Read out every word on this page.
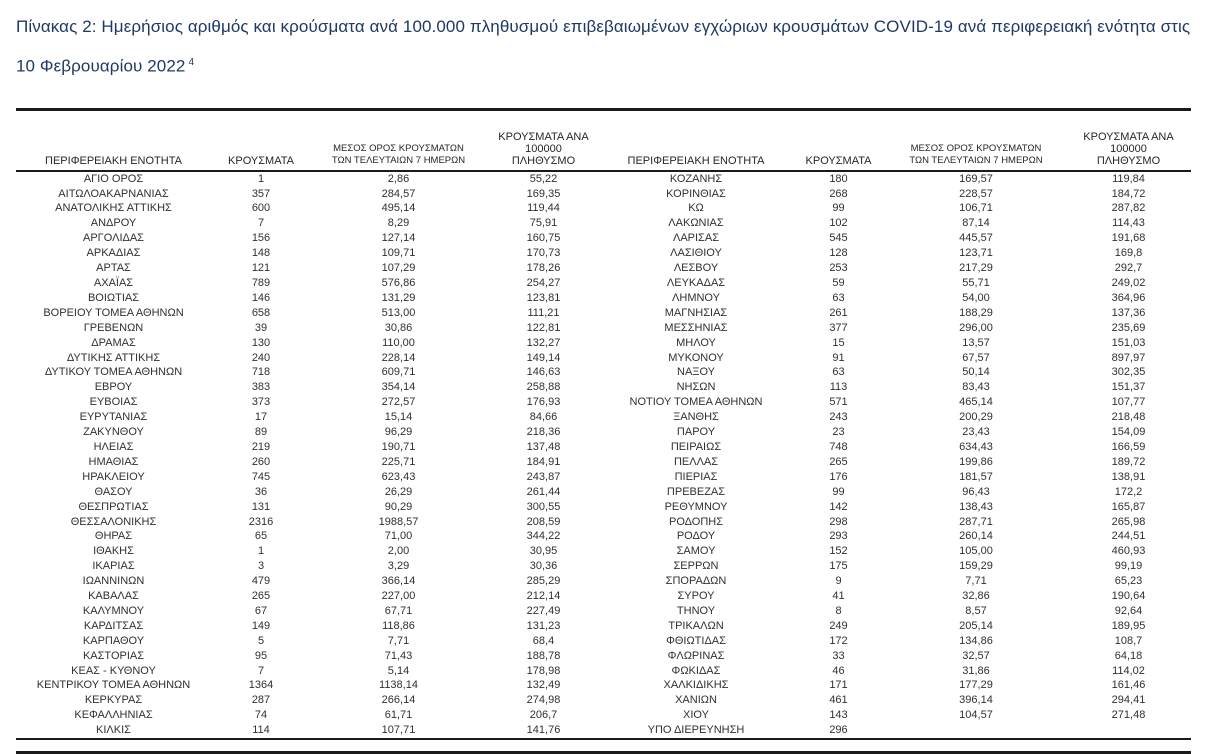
Πίνακας 2: Ημερήσιος αριθμός και κρούσματα ανά 100.000 πληθυσμού επιβεβαιωμένων εγχώριων κρουσμάτων COVID-19 ανά περιφερειακή ενότητα στις 10 Φεβρουαρίου 2022 $^4$
ΠΕΡΙΦΕΡΕΙΑΚΗ ΕΝΟΤΗΤΑ	ΚΡΟΥΣΜΑΤΑ	ΜΕΣΟΣ ΟΡΟΣ ΚΡΟΥΣΜΑΤΩΝ
ΤΩΝ ΤΕΛΕΥΤΑΙΩΝ 7 ΗΜΕΡΩΝ	ΚΡΟΥΣΜΑΤΑ ΑΝΑ 100000
ΠΛΗΘΥΣΜΟ	ΠΕΡΙΦΕΡΕΙΑΚΗ ΕΝΟΤΗΤΑ	ΚΡΟΥΣΜΑΤΑ	ΜΕΣΟΣ ΟΡΟΣ ΚΡΟΥΣΜΑΤΩΝ
ΤΩΝ ΤΕΛΕΥΤΑΙΩΝ 7 ΗΜΕΡΩΝ	ΚΡΟΥΣΜΑΤΑ ΑΝΑ 100000
ΠΛΗΘΥΣΜΟ

ΑΓΙΟ ΟΡΟΣ	1	2,86	55,22	ΚΟΖΑΝΗΣ	180	169,57	119,84
ΑΙΤΩΛΟΑΚΑΡΝΑΝΙΑΣ	357	284,57	169,35	ΚΟΡΙΝΘΙΑΣ	268	228,57	184,72
ΑΝΑΤΟΛΙΚΗΣ ΑΤΤΙΚΗΣ	600	495,14	119,44	ΚΩ	99	106,71	287,82
ΑΝΔΡΟΥ	7	8,29	75,91	ΛΑΚΩΝΙΑΣ	102	87,14	114,43
ΑΡΓΟΛΙΔΑΣ	156	127,14	160,75	ΛΑΡΙΣΑΣ	545	445,57	191,68
ΑΡΚΑΔΙΑΣ	148	109,71	170,73	ΛΑΣΙΘΙΟΥ	128	123,71	169,8
ΑΡΤΑΣ	121	107,29	178,26	ΛΕΣΒΟΥ	253	217,29	292,7
ΑΧΑΪΑΣ	789	576,86	254,27	ΛΕΥΚΑΔΑΣ	59	55,71	249,02
ΒΟΙΩΤΙΑΣ	146	131,29	123,81	ΛΗΜΝΟΥ	63	54,00	364,96
ΒΟΡΕΙΟΥ ΤΟΜΕΑ ΑΘΗΝΩΝ	658	513,00	111,21	ΜΑΓΝΗΣΙΑΣ	261	188,29	137,36
ΓΡΕΒΕΝΩΝ	39	30,86	122,81	ΜΕΣΣΗΝΙΑΣ	377	296,00	235,69
ΔΡΑΜΑΣ	130	110,00	132,27	ΜΗΛΟΥ	15	13,57	151,03
ΔΥΤΙΚΗΣ ΑΤΤΙΚΗΣ	240	228,14	149,14	ΜΥΚΟΝΟΥ	91	67,57	897,97
ΔΥΤΙΚΟΥ ΤΟΜΕΑ ΑΘΗΝΩΝ	718	609,71	146,63	ΝΑΞΟΥ	63	50,14	302,35
ΕΒΡΟΥ	383	354,14	258,88	ΝΗΣΩΝ	113	83,43	151,37
ΕΥΒΟΙΑΣ	373	272,57	176,93	ΝΟΤΙΟΥ ΤΟΜΕΑ ΑΘΗΝΩΝ	571	465,14	107,77
ΕΥΡΥΤΑΝΙΑΣ	17	15,14	84,66	ΞΑΝΘΗΣ	243	200,29	218,48
ΖΑΚΥΝΘΟΥ	89	96,29	218,36	ΠΑΡΟΥ	23	23,43	154,09
ΗΛΕΙΑΣ	219	190,71	137,48	ΠΕΙΡΑΙΩΣ	748	634,43	166,59
ΗΜΑΘΙΑΣ	260	225,71	184,91	ΠΕΛΛΑΣ	265	199,86	189,72
ΗΡΑΚΛΕΙΟΥ	745	623,43	243,87	ΠΙΕΡΙΑΣ	176	181,57	138,91
ΘΑΣΟΥ	36	26,29	261,44	ΠΡΕΒΕΖΑΣ	99	96,43	172,2
ΘΕΣΠΡΩΤΙΑΣ	131	90,29	300,55	ΡΕΘΥΜΝΟΥ	142	138,43	165,87
ΘΕΣΣΑΛΟΝΙΚΗΣ	2316	1988,57	208,59	ΡΟΔΟΠΗΣ	298	287,71	265,98
ΘΗΡΑΣ	65	71,00	344,22	ΡΟΔΟΥ	293	260,14	244,51
ΙΘΑΚΗΣ	1	2,00	30,95	ΣΑΜΟΥ	152	105,00	460,93
ΙΚΑΡΙΑΣ	3	3,29	30,36	ΣΕΡΡΩΝ	175	159,29	99,19
ΙΩΑΝΝΙΝΩΝ	479	366,14	285,29	ΣΠΟΡΑΔΩΝ	9	7,71	65,23
ΚΑΒΑΛΑΣ	265	227,00	212,14	ΣΥΡΟΥ	41	32,86	190,64
ΚΑΛΥΜΝΟΥ	67	67,71	227,49	ΤΗΝΟΥ	8	8,57	92,64
ΚΑΡΔΙΤΣΑΣ	149	118,86	131,23	ΤΡΙΚΑΛΩΝ	249	205,14	189,95
ΚΑΡΠΑΘΟΥ	5	7,71	68,4	ΦΘΙΩΤΙΔΑΣ	172	134,86	108,7
ΚΑΣΤΟΡΙΑΣ	95	71,43	188,78	ΦΛΩΡΙΝΑΣ	33	32,57	64,18
ΚΕΑΣ - ΚΥΘΝΟΥ	7	5,14	178,98	ΦΩΚΙΔΑΣ	46	31,86	114,02
ΚΕΝΤΡΙΚΟΥ ΤΟΜΕΑ ΑΘΗΝΩΝ	1364	1138,14	132,49	ΧΑΛΚΙΔΙΚΗΣ	171	177,29	161,46
ΚΕΡΚΥΡΑΣ	287	266,14	274,98	ΧΑΝΙΩΝ	461	396,14	294,41
ΚΕΦΑΛΛΗΝΙΑΣ	74	61,71	206,7	ΧΙΟΥ	143	104,57	271,48
ΚΙΛΚΙΣ	114	107,71	141,76	ΥΠΟ ΔΙΕΡΕΥΝΗΣΗ	296		
